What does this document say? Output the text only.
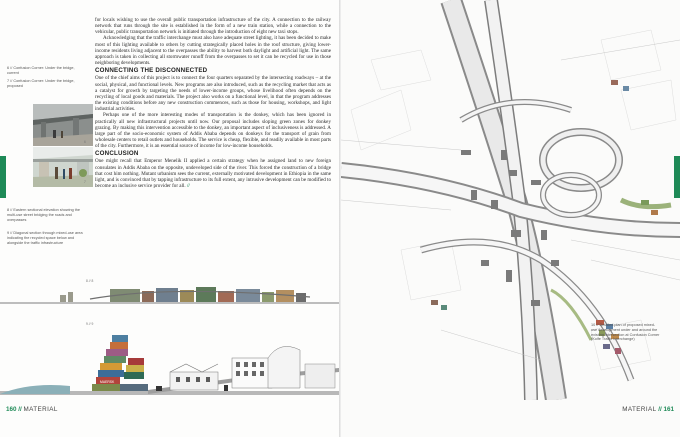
for locals wishing to use the overall public transportation infrastructure of the city. A connection to the railway network that runs through the site is established in the form of a new train station, while a connection to the vehicular, public transportation network is initiated through the introduction of eight new taxi stops.

Acknowledging that the traffic interchange must also have adequate street lighting, it has been decided to make most of this lighting available to others by cutting strategically placed holes in the roof structure, giving lower-income residents living adjacent to the overpasses the ability to harvest both daylight and artificial light. The same approach is taken in collecting all stormwater runoff from the overpasses to set it can be recycled for use in those neighboring developments.

CONNECTING THE DISCONNECTED

One of the chief aims of this project is to connect the four quarters separated by the intersecting roadways – at the social, physical, and functional levels. New programs are also introduced, such as the recycling market that acts as a catalyst for growth by targeting the needs of lower-income groups, whose livelihood often depends on the recycling of local goods and materials. The project also works on a functional level, in that the program addresses the existing conditions before any new construction commences, such as those for housing, workshops, and light industrial activities.

Perhaps one of the more interesting modes of transportation is the donkey, which has been ignored in practically all new infrastructural projects until now. Our proposal includes sloping green zones for donkey grazing. By making this intervention accessible to the donkey, an important aspect of inclusiveness is addressed. A large part of the socio-economic system of Addis Ababa depends on donkeys for the transport of grain from wholesale centers to retail outlets and households. The service is cheap, flexible, and readily available in most parts of the city. Furthermore, it is an essential source of income for low-income households.

CONCLUSION

One might recall that Emperor Menelik II applied a certain strategy when he assigned land to new foreign consulates in Addis Ababa on the opposite, undeveloped side of the river. This forced the construction of a bridge that cost him nothing. Mutant urbanism sees the current, externally motivated development in Ethiopia in the same light, and is convinced that by tapping infrastructure to its full extent, any intrusive development can be modified to become an inclusive service provider for all. //

6 // Confusion Corner: Under the bridge, current
7 // Confusion Corner: Under the bridge, proposed
6
7
8 // Eastern sectional elevation showing the multi-use street bridging the roads and overpasses
9 // Diagonal section through mixed-use area indicating the recycled space below and alongside the traffic infrastructure
8 // 8
9 // 9
MAERSK
160 // MATERIAL
10 // Detailed plan of proposed mixed-use development under and around the existing intersection at Confusion Corner (Kolfe Traffic Interchange)
MATERIAL // 161
